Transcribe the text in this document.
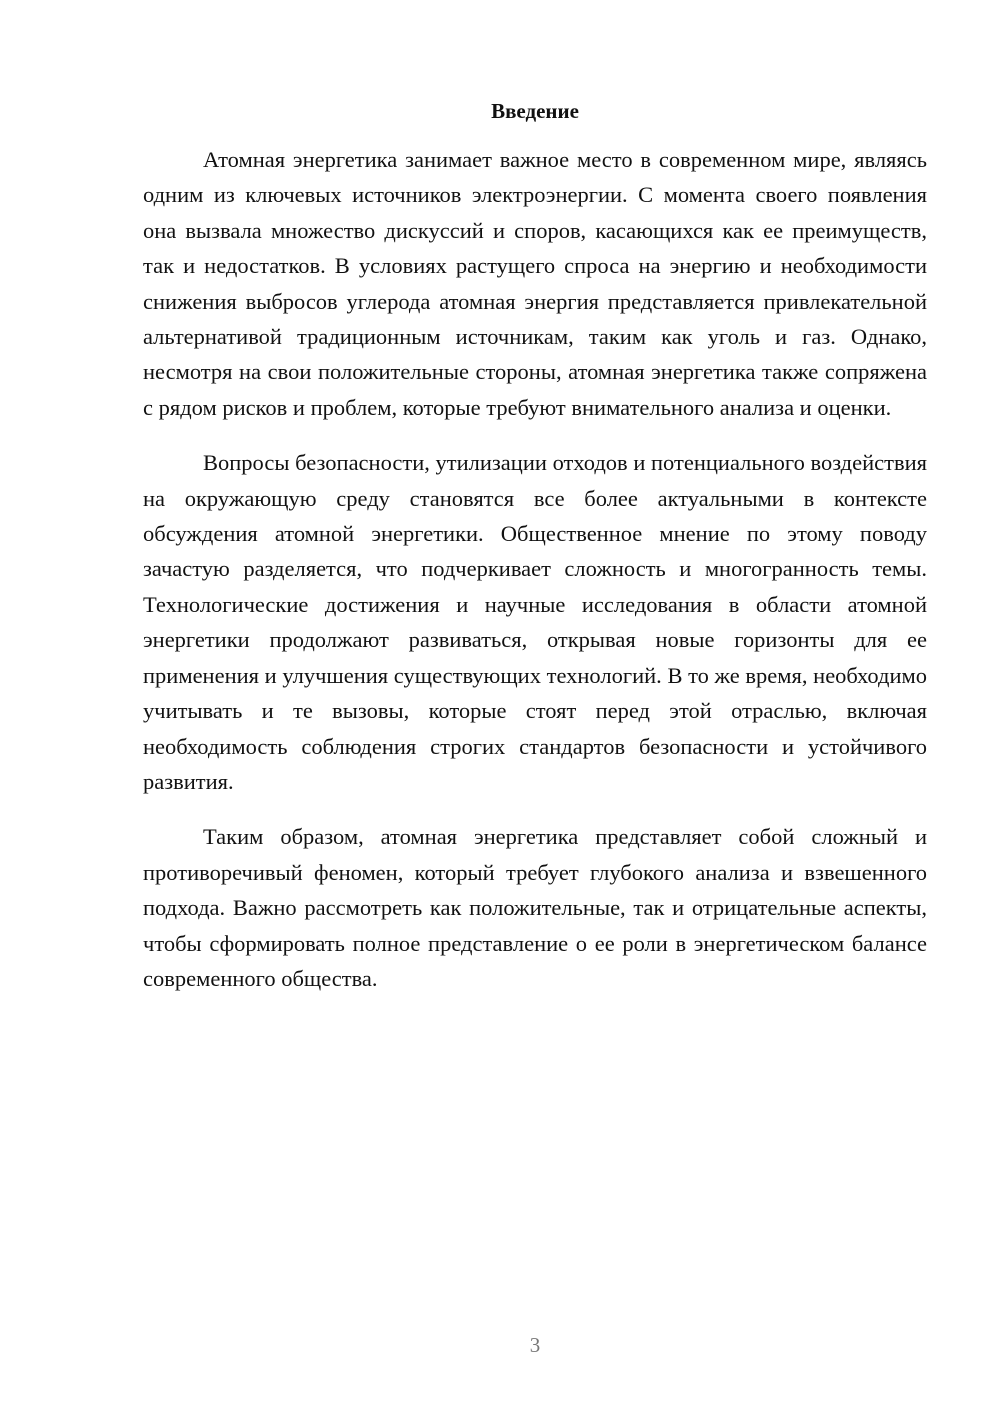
Введение

Атомная энергетика занимает важное место в современном мире, являясь одним из ключевых источников электроэнергии. С момента своего появления она вызвала множество дискуссий и споров, касающихся как ее преимуществ, так и недостатков. В условиях растущего спроса на энергию и необходимости снижения выбросов углерода атомная энергия представляется привлекательной альтернативой традиционным источникам, таким как уголь и газ. Однако, несмотря на свои положительные стороны, атомная энергетика также сопряжена с рядом рисков и проблем, которые требуют внимательного анализа и оценки.

Вопросы безопасности, утилизации отходов и потенциального воздействия на окружающую среду становятся все более актуальными в контексте обсуждения атомной энергетики. Общественное мнение по этому поводу зачастую разделяется, что подчеркивает сложность и многогранность темы. Технологические достижения и научные исследования в области атомной энергетики продолжают развиваться, открывая новые горизонты для ее применения и улучшения существующих технологий. В то же время, необходимо учитывать и те вызовы, которые стоят перед этой отраслью, включая необходимость соблюдения строгих стандартов безопасности и устойчивого развития.

Таким образом, атомная энергетика представляет собой сложный и противоречивый феномен, который требует глубокого анализа и взвешенного подхода. Важно рассмотреть как положительные, так и отрицательные аспекты, чтобы сформировать полное представление о ее роли в энергетическом балансе современного общества.

3
